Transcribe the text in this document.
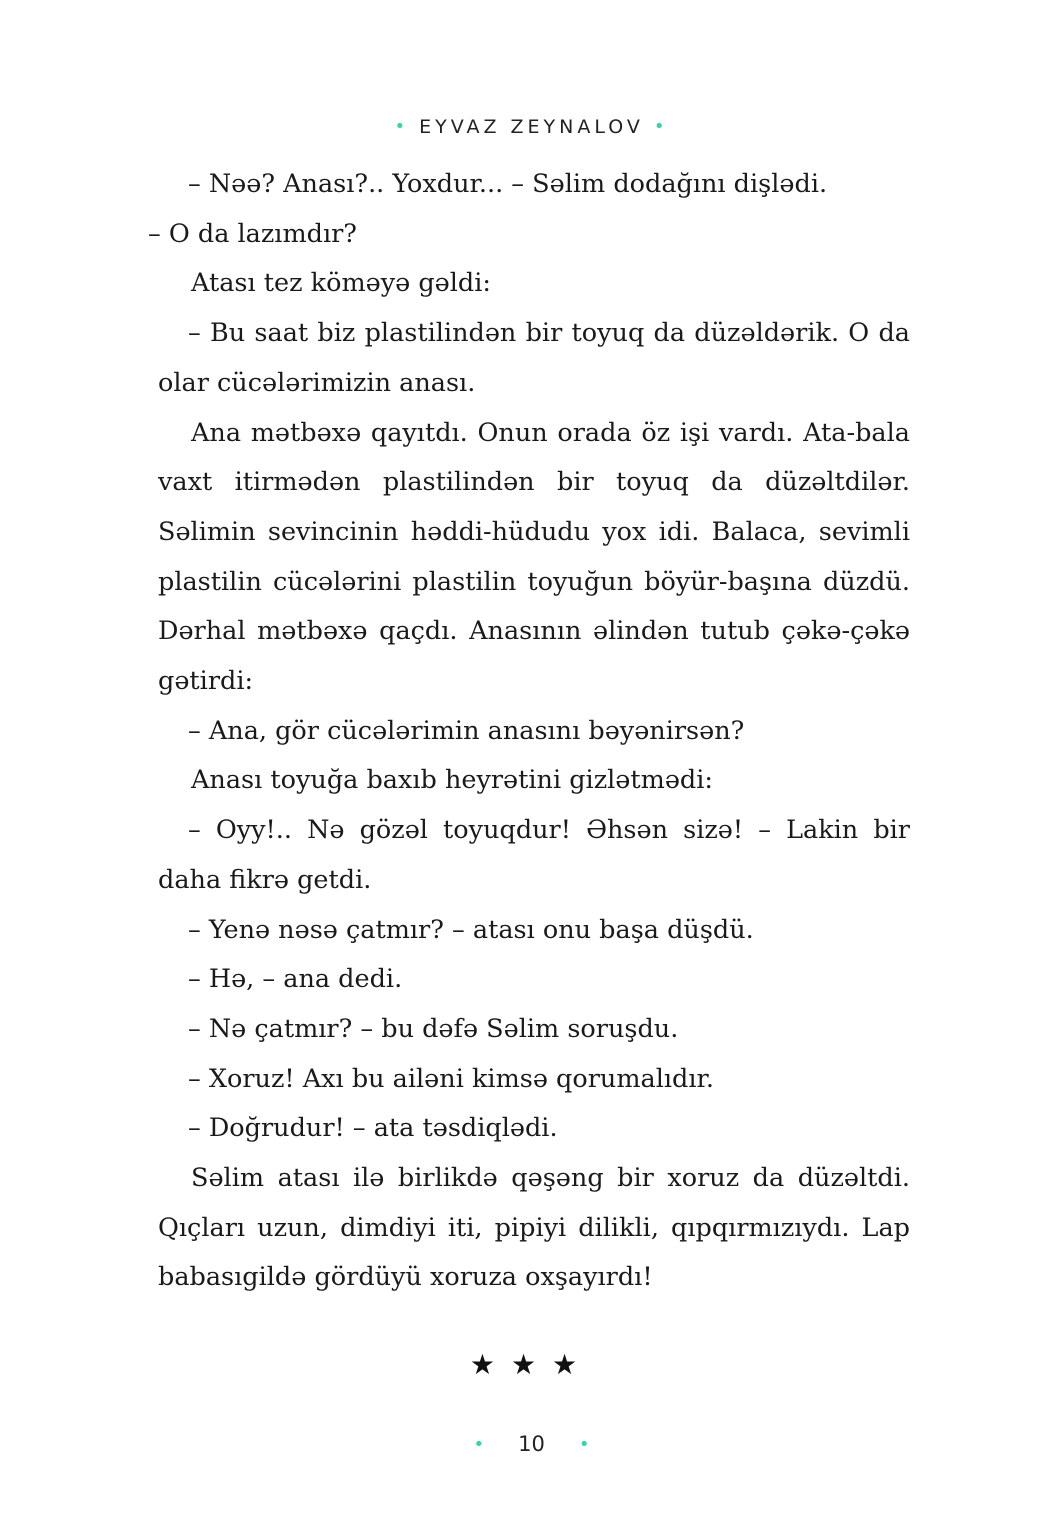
• EYVAZ ZEYNALOV •

– Nəə? Anası?.. Yoxdur... – Səlim dodağını dişlədi.

– O da lazımdır?

Atası tez köməyə gəldi:

– Bu saat biz plastilindən bir toyuq da düzəldərik. O da olar cücələrimizin anası.

Ana mətbəxə qayıtdı. Onun orada öz işi vardı. Ata-bala vaxt itirmədən plastilindən bir toyuq da düzəltdilər. Səlimin sevincinin həddi-hüdudu yox idi. Balaca, sevimli plastilin cücələrini plastilin toyuğun böyür-başına düzdü. Dərhal mətbəxə qaçdı. Anasının əlindən tutub çəkə-çəkə gətirdi:

– Ana, gör cücələrimin anasını bəyənirsən?

Anası toyuğa baxıb heyrətini gizlətmədi:

– Oyy!.. Nə gözəl toyuqdur! Əhsən sizə! – Lakin bir daha fikrə getdi.

– Yenə nəsə çatmır? – atası onu başa düşdü.

– Hə, – ana dedi.

– Nə çatmır? – bu dəfə Səlim soruşdu.

– Xoruz! Axı bu ailəni kimsə qorumalıdır.

– Doğrudur! – ata təsdiqlədi.

Səlim atası ilə birlikdə qəşəng bir xoruz da düzəltdi. Qıçları uzun, dimdiyi iti, pipiyi dilikli, qıpqırmızıydı. Lap babasıgildə gördüyü xoruza oxşayırdı!

★★★
• 10 •
